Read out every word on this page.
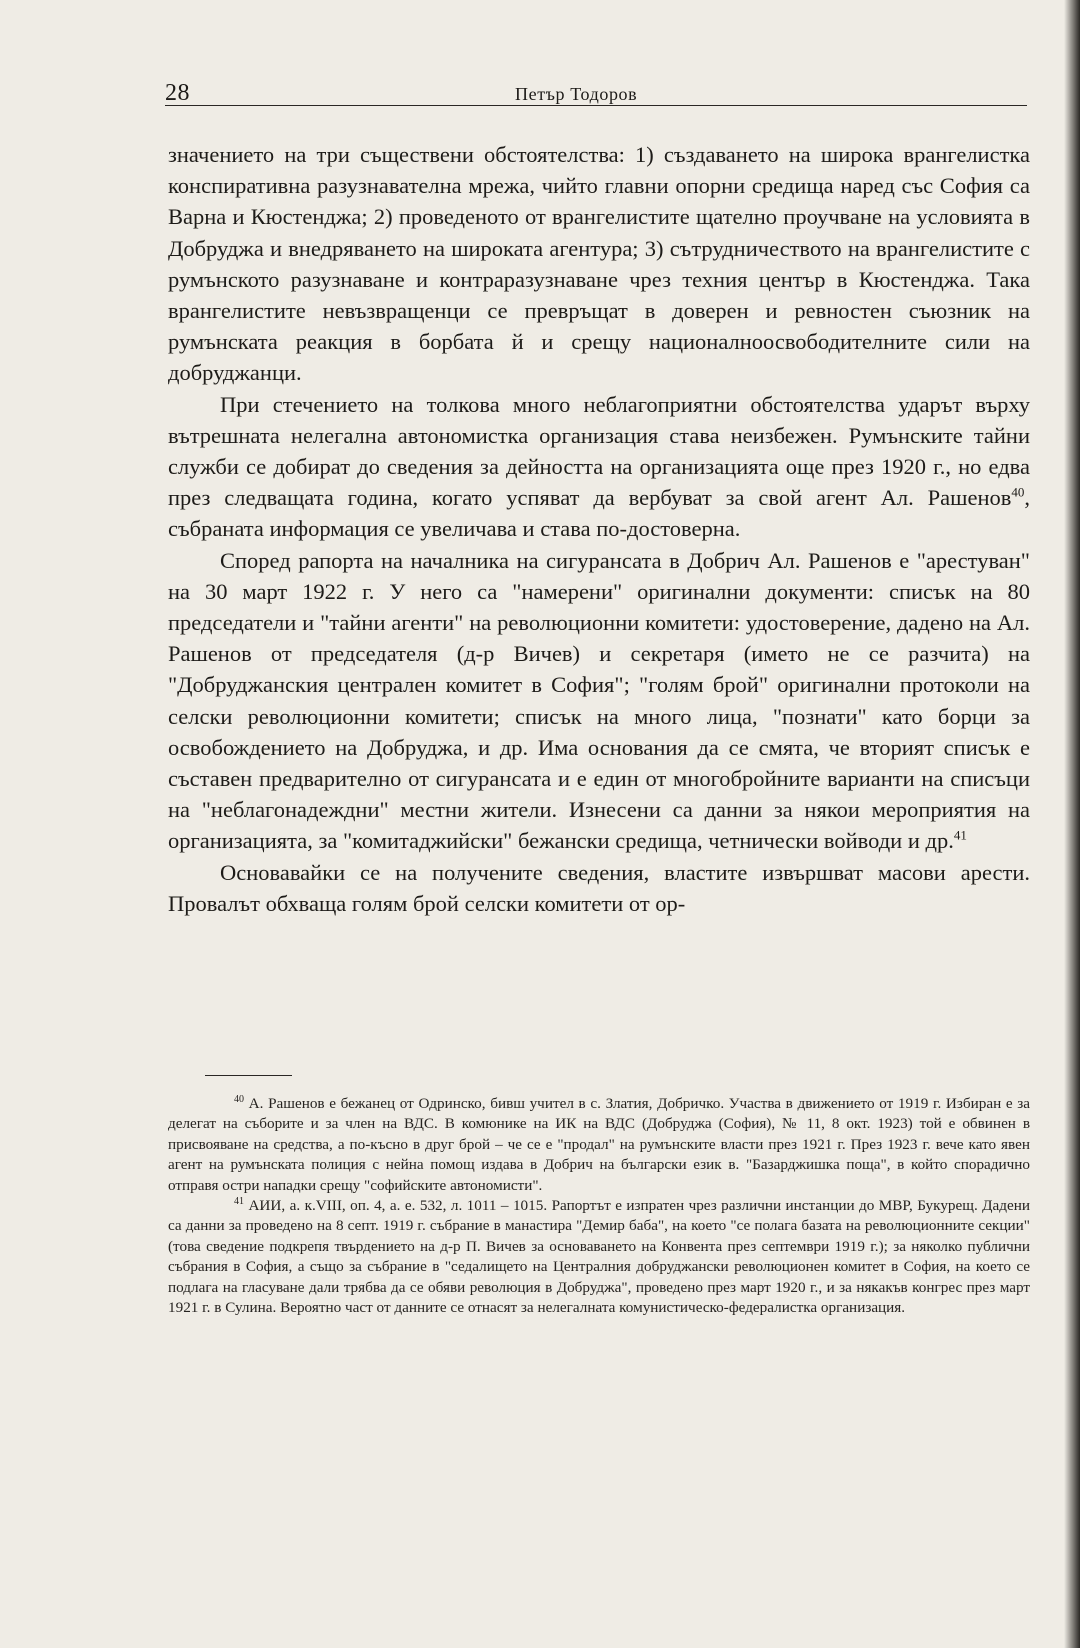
28	Петър Тодоров

значението на три съществени обстоятелства: 1) създаването на широка врангелистка конспиративна разузнавателна мрежа, чийто главни опорни средища наред със София са Варна и Кюстенджа; 2) проведеното от врангелистите щателно проучване на условията в Добруджа и внедряването на широката агентура; 3) сътрудничеството на врангелистите с румънското разузнаване и контраразузнаване чрез техния център в Кюстенджа. Така врангелистите невъзвращенци се превръщат в доверен и ревностен съюзник на румънската реакция в борбата й и срещу националноосвободителните сили на добруджанци.

При стечението на толкова много неблагоприятни обстоятелства ударът върху вътрешната нелегална автономистка организация става неизбежен. Румънските тайни служби се добират до сведения за дейността на организацията още през 1920 г., но едва през следващата година, когато успяват да вербуват за свой агент Ал. Рашенов$^{40}$, събраната информация се увеличава и става по-достоверна.

Според рапорта на началника на сигурансата в Добрич Ал. Рашенов е "арестуван" на 30 март 1922 г. У него са "намерени" оригинални документи: списък на 80 председатели и "тайни агенти" на революционни комитети: удостоверение, дадено на Ал. Рашенов от председателя (д-р Вичев) и секретаря (името не се разчита) на "Добруджанския централен комитет в София"; "голям брой" оригинални протоколи на селски революционни комитети; списък на много лица, "познати" като борци за освобождението на Добруджа, и др. Има основания да се смята, че вторият списък е съставен предварително от сигурансата и е един от многобройните варианти на списъци на "неблагонадеждни" местни жители. Изнесени са данни за някои мероприятия на организацията, за "комитаджийски" бежански средища, четнически войводи и др.$^{41}$

Основавайки се на получените сведения, властите извършват масови арести. Провалът обхваща голям брой селски комитети от ор-

$^{40}$ А. Рашенов е бежанец от Одринско, бивш учител в с. Златия, Добричко. Участва в движението от 1919 г. Избиран е за делегат на съборите и за член на ВДС. В комюнике на ИК на ВДС (Добруджа (София), № 11, 8 окт. 1923) той е обвинен в присвояване на средства, а по-късно в друг брой – че се е "продал" на румънските власти през 1921 г. През 1923 г. вече като явен агент на румънската полиция с нейна помощ издава в Добрич на български език в. "Базарджишка поща", в който спорадично отправя остри нападки срещу "софийските автономисти".

$^{41}$ АИИ, а. к.VIII, оп. 4, а. е. 532, л. 1011 – 1015. Рапортът е изпратен чрез различни инстанции до МВР, Букурещ. Дадени са данни за проведено на 8 септ. 1919 г. събрание в манастира "Демир баба", на което "се полага базата на революционните секции" (това сведение подкрепя твърдението на д-р П. Вичев за основаването на Конвента през септември 1919 г.); за няколко публични събрания в София, а също за събрание в "седалището на Централния добруджански революционен комитет в София, на което се подлага на гласуване дали трябва да се обяви революция в Добруджа", проведено през март 1920 г., и за някакъв конгрес през март 1921 г. в Сулина. Вероятно част от данните се отнасят за нелегалната комунистическо-федералистка организация.
